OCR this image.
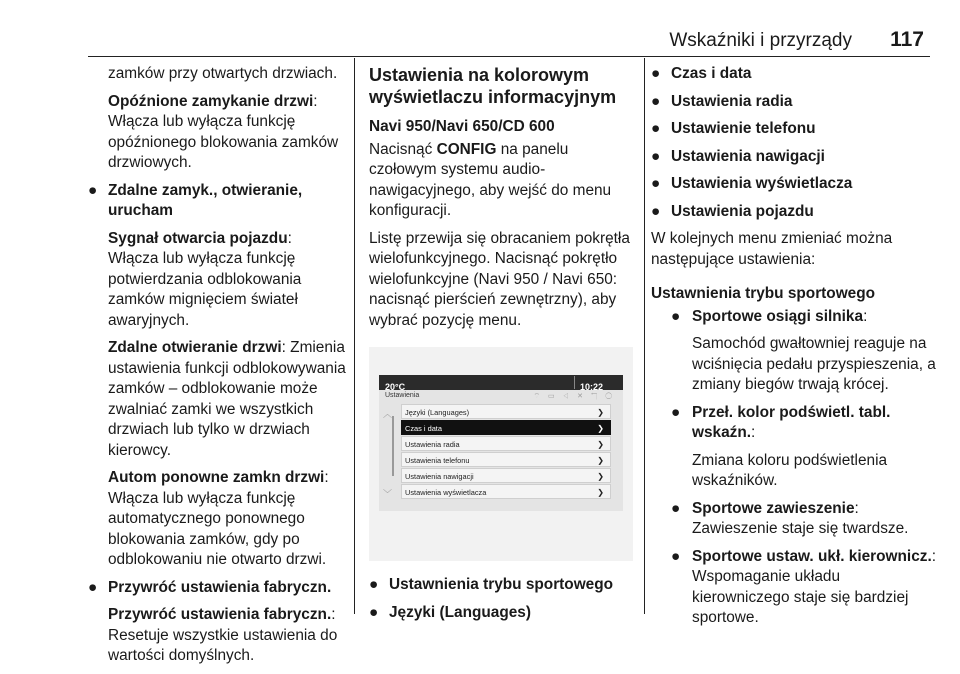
Wskaźniki i przyrządy 117
zamków przy otwartych drzwiach.
Opóźnione zamykanie drzwi: Włącza lub wyłącza funkcję opóźnionego blokowania zamków drzwiowych.
● Zdalne zamyk., otwieranie, urucham
Sygnał otwarcia pojazdu: Włącza lub wyłącza funkcję potwierdzania odblokowania zamków mignięciem świateł awaryjnych.
Zdalne otwieranie drzwi: Zmienia ustawienia funkcji odblokowywania zamków – odblokowanie może zwalniać zamki we wszystkich drzwiach lub tylko w drzwiach kierowcy.
Autom ponowne zamkn drzwi: Włącza lub wyłącza funkcję automatycznego ponownego blokowania zamków, gdy po odblokowaniu nie otwarto drzwi.
● Przywróć ustawienia fabryczn.
Przywróć ustawienia fabryczn.: Resetuje wszystkie ustawienia do wartości domyślnych.
Ustawienia na kolorowym wyświetlaczu informacyjnym
Navi 950/Navi 650/CD 600
Nacisnąć CONFIG na panelu czołowym systemu audio-nawigacyjnego, aby wejść do menu konfiguracji.
Listę przewija się obracaniem pokrętła wielofunkcyjnego. Nacisnąć pokrętło wielofunkcyjne (Navi 950 / Navi 650: nacisnąć pierścień zewnętrzny), aby wybrać pozycję menu.
20°C	10:22
Ustawienia	⌔ ▭ ◁ ✕ ↰ ◯
︿
﹀
Języki (Languages)	❯
Czas i data	❯
Ustawienia radia	❯
Ustawienia telefonu	❯
Ustawienia nawigacji	❯
Ustawienia wyświetlacza	❯
● Ustawnienia trybu sportowego
● Języki (Languages)
● Czas i data
● Ustawienia radia
● Ustawienie telefonu
● Ustawienia nawigacji
● Ustawienia wyświetlacza
● Ustawienia pojazdu
W kolejnych menu zmieniać można następujące ustawienia:
Ustawnienia trybu sportowego
● Sportowe osiągi silnika:
Samochód gwałtowniej reaguje na wciśnięcia pedału przyspieszenia, a zmiany biegów trwają krócej.
● Przeł. kolor podświetl. tabl. wskaźn.:
Zmiana koloru podświetlenia wskaźników.
● Sportowe zawieszenie:
Zawieszenie staje się twardsze.
● Sportowe ustaw. ukł. kierownicz.:
Wspomaganie układu kierowniczego staje się bardziej sportowe.
